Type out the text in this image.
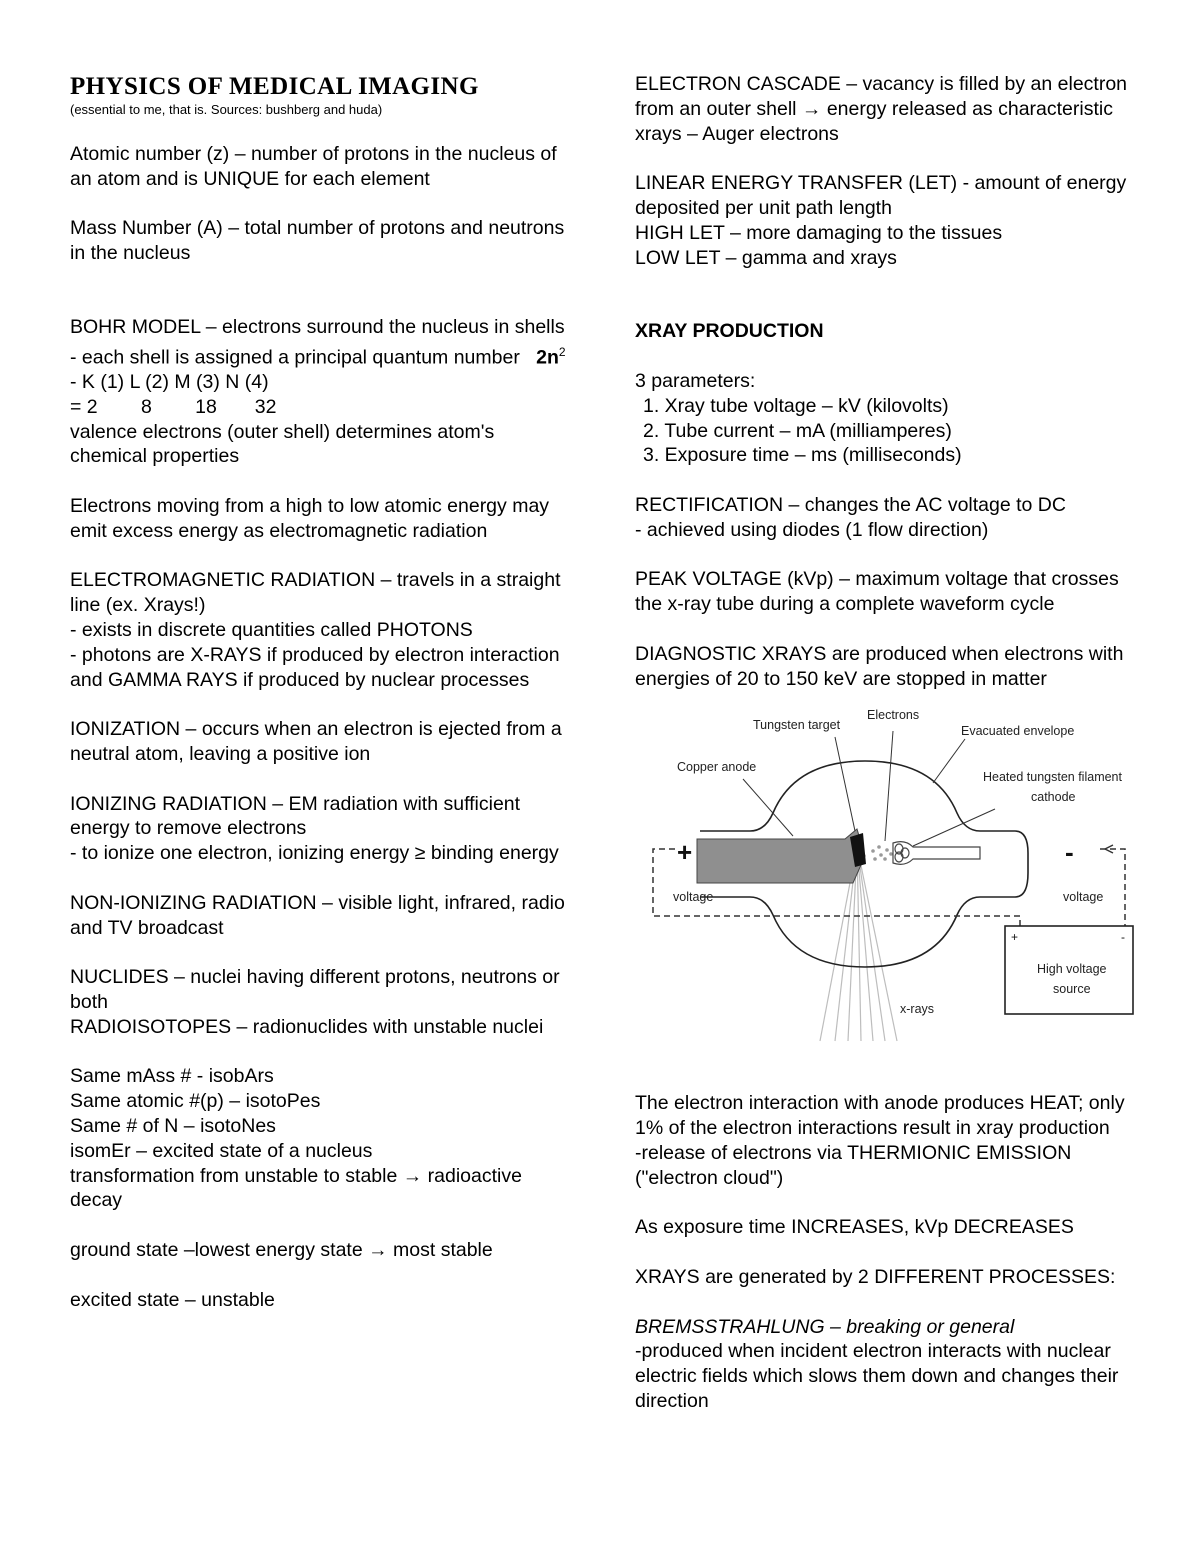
PHYSICS OF MEDICAL IMAGING
(essential to me, that is. Sources: bushberg and huda)

Atomic number (z) – number of protons in the nucleus of an atom and is UNIQUE for each element

Mass Number (A) – total number of protons and neutrons in the nucleus

BOHR MODEL – electrons surround the nucleus in shells
- each shell is assigned a principal quantum number $2n^2$
- K (1) L (2) M (3) N (4)
= 2        8        18       32
valence electrons (outer shell) determines atom's chemical properties

Electrons moving from a high to low atomic energy may emit excess energy as electromagnetic radiation

ELECTROMAGNETIC RADIATION – travels in a straight line (ex. Xrays!)
- exists in discrete quantities called PHOTONS
- photons are X-RAYS if produced by electron interaction and GAMMA RAYS if produced by nuclear processes

IONIZATION – occurs when an electron is ejected from a neutral atom, leaving a positive ion

IONIZING RADIATION – EM radiation with sufficient energy to remove electrons
- to ionize one electron, ionizing energy ≥ binding energy

NON-IONIZING RADIATION – visible light, infrared, radio and TV broadcast

NUCLIDES – nuclei having different protons, neutrons or both
RADIOISOTOPES – radionuclides with unstable nuclei

Same mAss # - isobArs
Same atomic #(p) – isotoPes
Same # of N – isotoNes
isomEr – excited state of a nucleus
transformation from unstable to stable → radioactive decay

ground state –lowest energy state → most stable

excited state – unstable

ELECTRON CASCADE – vacancy is filled by an electron from an outer shell → energy released as characteristic xrays – Auger electrons

LINEAR ENERGY TRANSFER (LET) - amount of energy deposited per unit path length
HIGH LET – more damaging to the tissues
LOW LET – gamma and xrays

XRAY PRODUCTION

3 parameters:
1. Xray tube voltage – kV (kilovolts)
2. Tube current – mA (milliamperes)
3. Exposure time – ms (milliseconds)

RECTIFICATION – changes the AC voltage to DC
- achieved using diodes (1 flow direction)

PEAK VOLTAGE (kVp) – maximum voltage that crosses the x-ray tube during a complete waveform cycle

DIAGNOSTIC XRAYS are produced when electrons with energies of 20 to 150 keV are stopped in matter

Tungsten target
Electrons
Evacuated envelope
Copper anode
Heated tungsten filament
cathode
voltage	voltage
High voltage
source
x-rays
+	-
+	-

The electron interaction with anode produces HEAT; only 1% of the electron interactions result in xray production
-release of electrons via THERMIONIC EMISSION ("electron cloud")

As exposure time INCREASES, kVp DECREASES

XRAYS are generated by 2 DIFFERENT PROCESSES:

BREMSSTRAHLUNG – breaking or general
-produced when incident electron interacts with nuclear electric fields which slows them down and changes their direction
